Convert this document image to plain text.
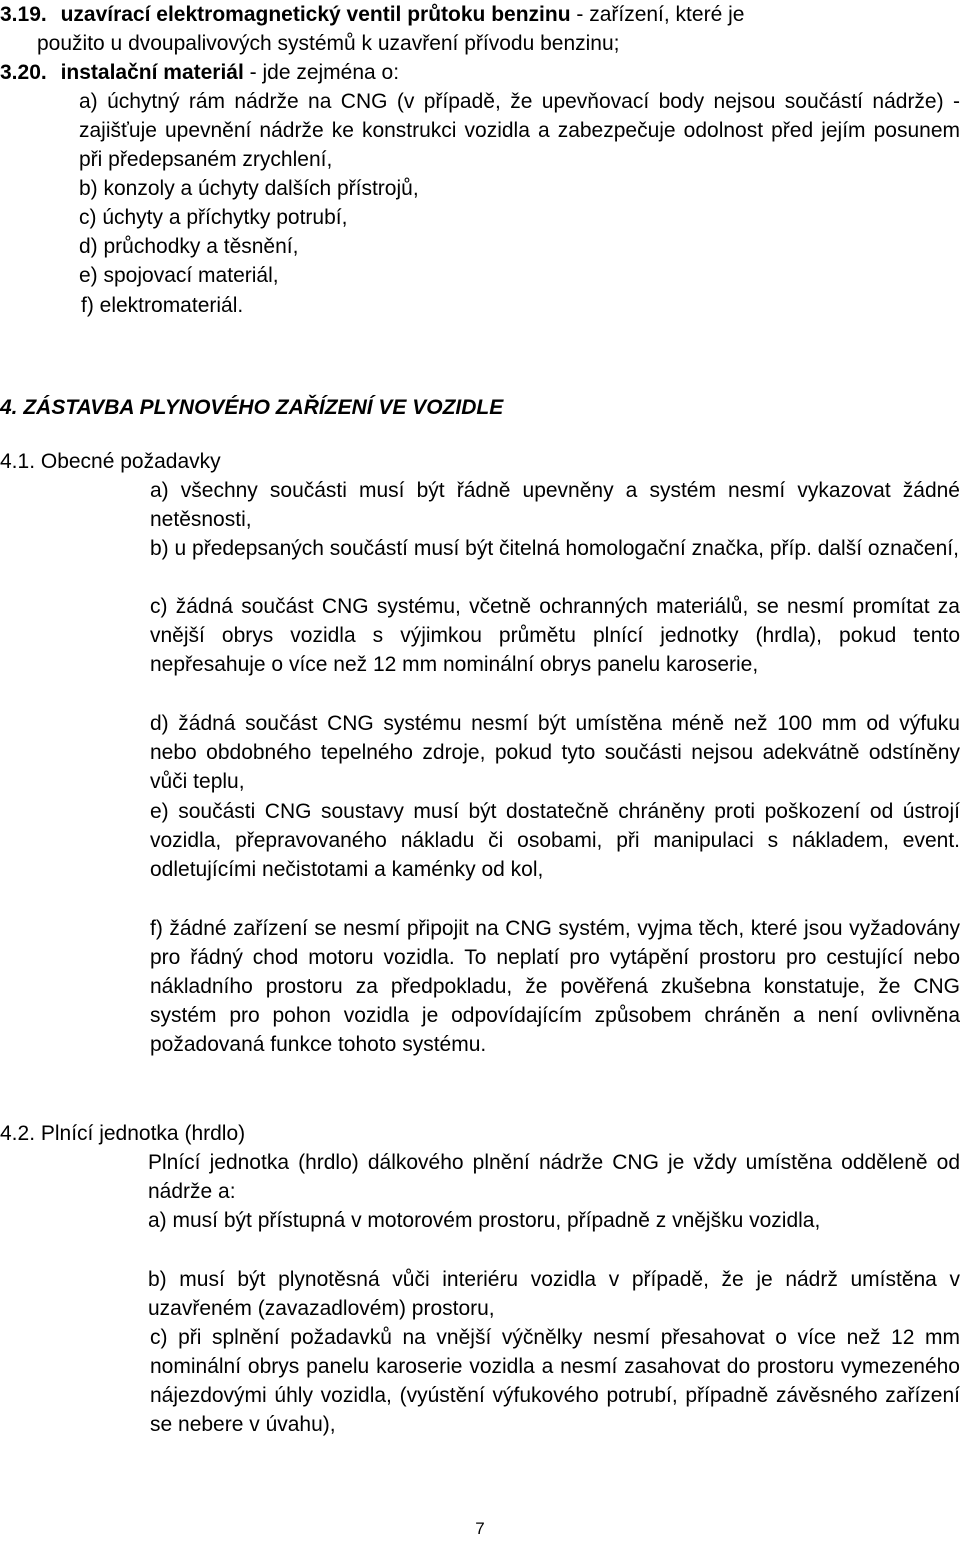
3.19. uzavírací elektromagnetický ventil průtoku benzinu - zařízení, které je
použito u dvoupalivových systémů k uzavření přívodu benzinu;
3.20. instalační materiál - jde zejména o:
a) úchytný rám nádrže na CNG (v případě, že upevňovací body nejsou součástí nádrže) - zajišťuje upevnění nádrže ke konstrukci vozidla a zabezpečuje odolnost před jejím posunem při předepsaném zrychlení,
b) konzoly a úchyty dalších přístrojů,
c) úchyty a příchytky potrubí,
d) průchodky a těsnění,
e) spojovací materiál,
f) elektromateriál.
4. ZÁSTAVBA PLYNOVÉHO ZAŘÍZENÍ VE VOZIDLE
4.1. Obecné požadavky
a) všechny součásti musí být řádně upevněny a systém nesmí vykazovat žádné netěsnosti,
b) u předepsaných součástí musí být čitelná homologační značka, příp. další označení,
c) žádná součást CNG systému, včetně ochranných materiálů, se nesmí promítat za vnější obrys vozidla s výjimkou průmětu plnící jednotky (hrdla), pokud tento nepřesahuje o více než 12 mm nominální obrys panelu karoserie,
d) žádná součást CNG systému nesmí být umístěna méně než 100 mm od výfuku nebo obdobného tepelného zdroje, pokud tyto součásti nejsou adekvátně odstíněny vůči teplu,
e) součásti CNG soustavy musí být dostatečně chráněny proti poškození od ústrojí vozidla, přepravovaného nákladu či osobami, při manipulaci s nákladem, event. odletujícími nečistotami a kaménky od kol,
f) žádné zařízení se nesmí připojit na CNG systém, vyjma těch, které jsou vyžadovány pro řádný chod motoru vozidla. To neplatí pro vytápění prostoru pro cestující nebo nákladního prostoru za předpokladu, že pověřená zkušebna konstatuje, že CNG systém pro pohon vozidla je odpovídajícím způsobem chráněn a není ovlivněna požadovaná funkce tohoto systému.
4.2. Plnící jednotka (hrdlo)
Plnící jednotka (hrdlo) dálkového plnění nádrže CNG je vždy umístěna odděleně od nádrže a:
a) musí být přístupná v motorovém prostoru, případně z vnějšku vozidla,
b) musí být plynotěsná vůči interiéru vozidla v případě, že je nádrž umístěna v uzavřeném (zavazadlovém) prostoru,
c) při splnění požadavků na vnější výčnělky nesmí přesahovat o více než 12 mm nominální obrys panelu karoserie vozidla a nesmí zasahovat do prostoru vymezeného nájezdovými úhly vozidla, (vyústění výfukového potrubí, případně závěsného zařízení se nebere v úvahu),
7
